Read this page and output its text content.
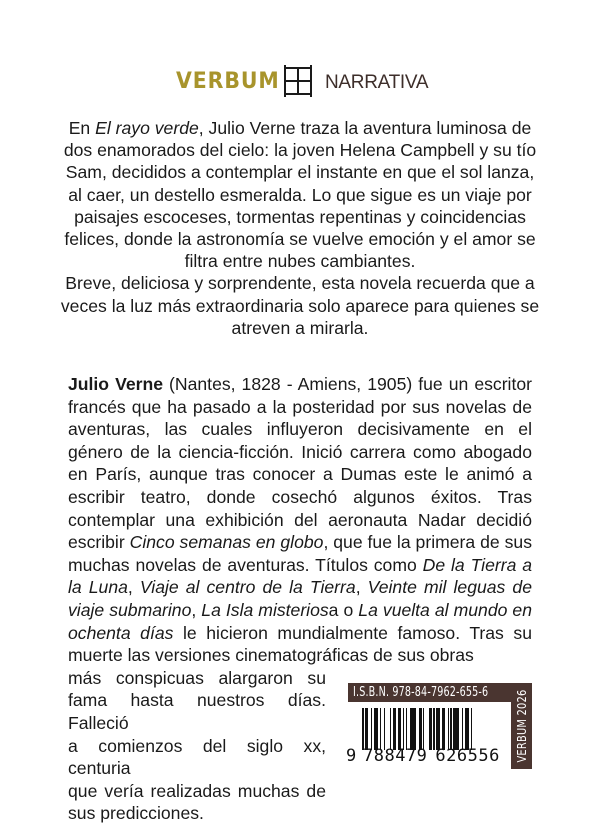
VERBUM NARRATIVA

En El rayo verde, Julio Verne traza la aventura luminosa de dos enamorados del cielo: la joven Helena Campbell y su tío Sam, decididos a contemplar el instante en que el sol lanza, al caer, un destello esmeralda. Lo que sigue es un viaje por paisajes escoceses, tormentas repentinas y coincidencias felices, donde la astronomía se vuelve emoción y el amor se filtra entre nubes cambiantes.

Breve, deliciosa y sorprendente, esta novela recuerda que a veces la luz más extraordinaria solo aparece para quienes se atreven a mirarla.

Julio Verne (Nantes, 1828 - Amiens, 1905) fue un escritor francés que ha pasado a la posteridad por sus novelas de aventuras, las cuales influyeron decisivamente en el género de la ciencia-ficción. Inició carrera como abogado en París, aunque tras conocer a Dumas este le animó a escribir teatro, donde cosechó algunos éxitos. Tras contemplar una exhibición del aeronauta Nadar decidió escribir Cinco semanas en globo, que fue la primera de sus muchas novelas de aventuras. Títulos como De la Tierra a la Luna, Viaje al centro de la Tierra, Veinte mil leguas de viaje submarino, La Isla misteriosa o La vuelta al mundo en ochenta días le hicieron mundialmente famoso. Tras su muerte las versiones cinematográficas de sus obras

más conspicuas alargaron su
fama hasta nuestros días. Falleció
a comienzos del siglo xx, centuria
que vería realizadas muchas de
sus predicciones.
I.S.B.N. 978-84-7962-655-6	VERBUM 2026
9 788479 626556
